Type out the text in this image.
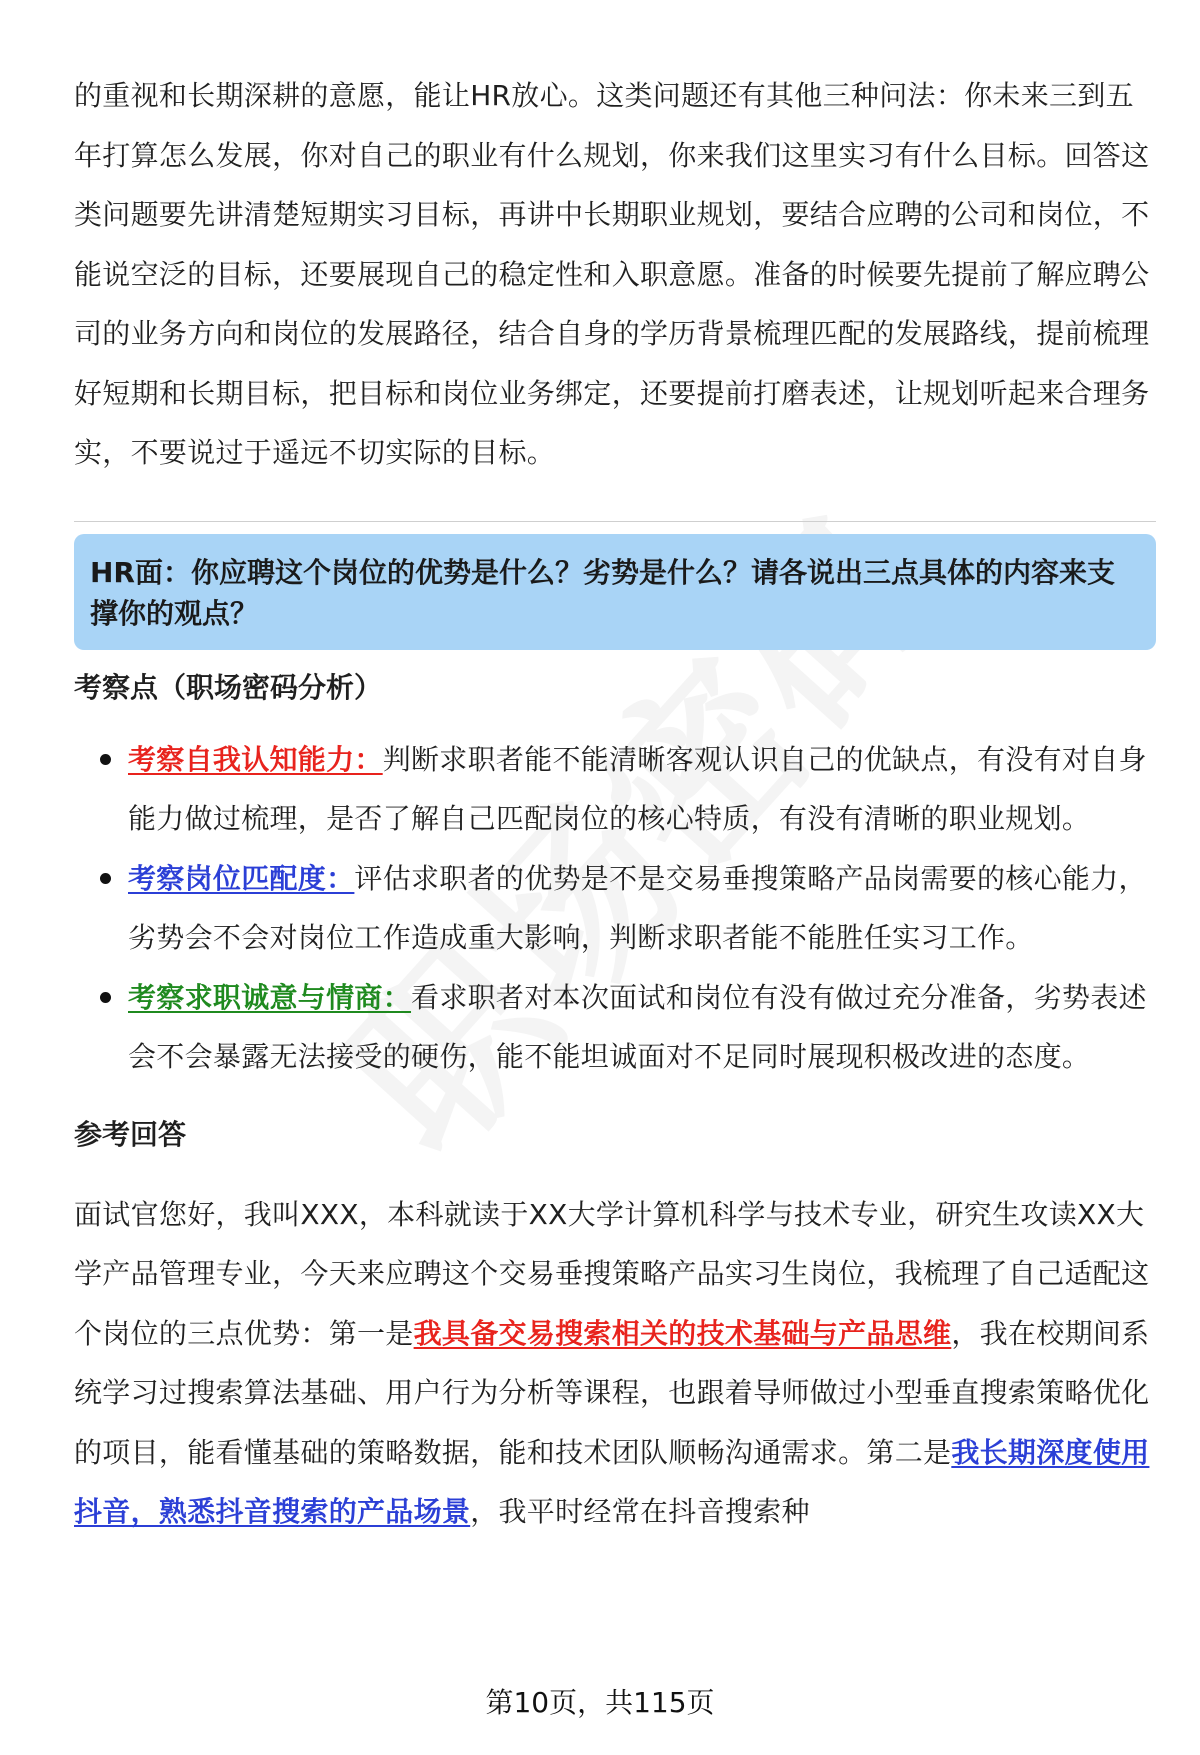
的重视和长期深耕的意愿，能让HR放心。这类问题还有其他三种问法：你未来三到五年打算怎么发展，你对自己的职业有什么规划，你来我们这里实习有什么目标。回答这类问题要先讲清楚短期实习目标，再讲中长期职业规划，要结合应聘的公司和岗位，不能说空泛的目标，还要展现自己的稳定性和入职意愿。准备的时候要先提前了解应聘公司的业务方向和岗位的发展路径，结合自身的学历背景梳理匹配的发展路线，提前梳理好短期和长期目标，把目标和岗位业务绑定，还要提前打磨表述，让规划听起来合理务实，不要说过于遥远不切实际的目标。

HR面：你应聘这个岗位的优势是什么？劣势是什么？请各说出三点具体的内容来支撑你的观点？
考察点（职场密码分析）
考察自我认知能力：判断求职者能不能清晰客观认识自己的优缺点，有没有对自身能力做过梳理，是否了解自己匹配岗位的核心特质，有没有清晰的职业规划。
考察岗位匹配度：评估求职者的优势是不是交易垂搜策略产品岗需要的核心能力，劣势会不会对岗位工作造成重大影响，判断求职者能不能胜任实习工作。
考察求职诚意与情商：看求职者对本次面试和岗位有没有做过充分准备，劣势表述会不会暴露无法接受的硬伤，能不能坦诚面对不足同时展现积极改进的态度。
参考回答

面试官您好，我叫XXX，本科就读于XX大学计算机科学与技术专业，研究生攻读XX大学产品管理专业，今天来应聘这个交易垂搜策略产品实习生岗位，我梳理了自己适配这个岗位的三点优势：第一是我具备交易搜索相关的技术基础与产品思维，我在校期间系统学习过搜索算法基础、用户行为分析等课程，也跟着导师做过小型垂直搜索策略优化的项目，能看懂基础的策略数据，能和技术团队顺畅沟通需求。第二是我长期深度使用抖音，熟悉抖音搜索的产品场景，我平时经常在抖音搜索种

第10页，共115页
